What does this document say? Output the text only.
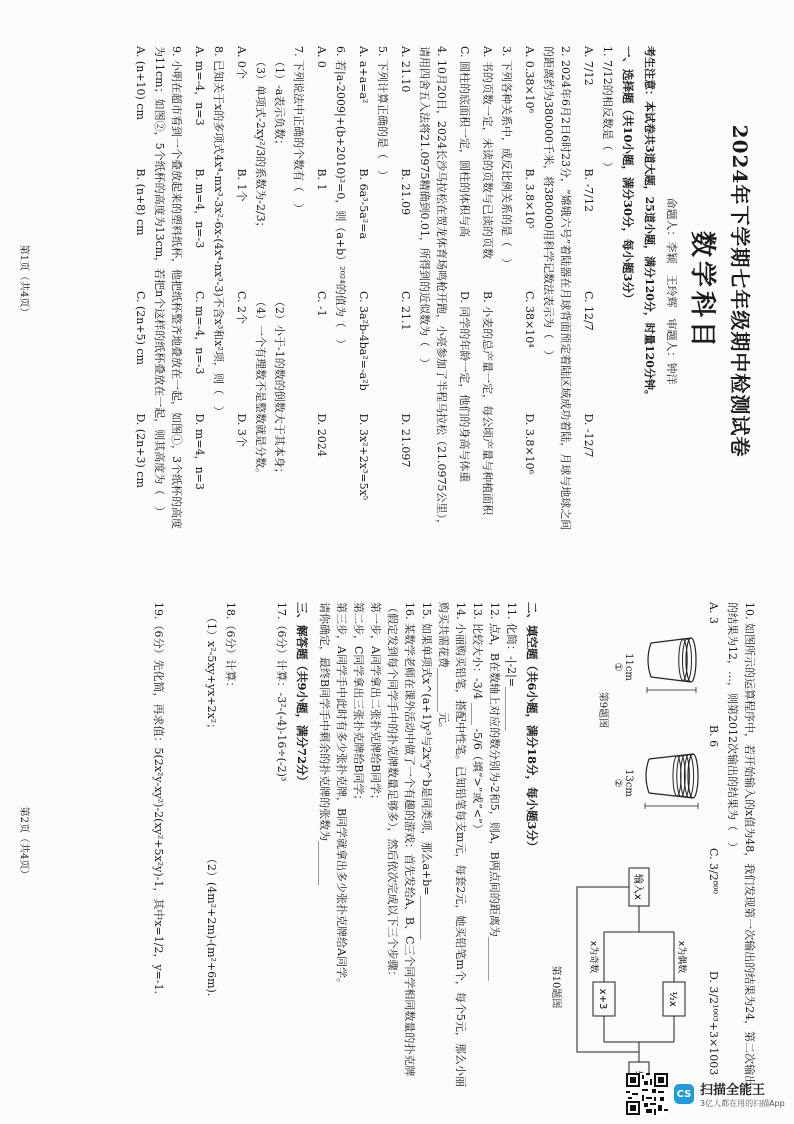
2024年下学期七年级期中检测试卷
数学科目
命题人：李颖　王玲辉　审题人：钟洋
考生注意：本试卷共3道大题，25道小题，满分120分，时量120分钟。
一、选择题（共10小题，满分30分，每小题3分）

1. 7/12的相反数是（　）

A. 7/12
B. -7/12
C. 12/7
D. -12/7

2. 2024年6月2日6时23分，“嫦娥六号”着陆器在月球背面预定着陆区域成功着陆，月球与地球之间的距离约为380000千米，将380000用科学记数法表示为（　）

A. 0.38×10⁶
B. 3.8×10⁵
C. 38×10⁴
D. 3.8×10⁶

3. 下列各种关系中，成反比例关系的是（　）

A. 书的页数一定，未读的页数与已读的页数
B. 小麦的总产量一定，每公顷产量与种植面积
C. 圆柱的底面积一定，圆柱的体积与高
D. 同学的年龄一定，他们的身高与体重

4. 10月20日，2024长沙马拉松在贺龙体育场鸣枪开跑，小亮参加了半程马拉松（21.0975公里），请用四舍五入法将21.0975精确到0.01，所得到的近似数为（　）

A. 21.10
B. 21.09
C. 21.1
D. 21.097

5. 下列计算正确的是（　）

A. a+a=a²
B. 6a³-5a²=a
C. 3a²b-4ba²=-a²b
D. 3x²+2x³=5x⁵

6. 若|a-2009|+(b+2010)²=0，则（a+b）²⁰²⁴的值为（　）

A. 0
B. 1
C. -1
D. 2024

7. 下列说法中正确的个数有（　）

（1）-a表示负数；
（2）小于-1的数的倒数大于其本身；
（3）单项式-2xy²/3的系数为-2/3；
（4）一个有理数不是整数就是分数。
A. 0个
B. 1个
C. 2个
D. 3个

8. 已知关于x的多项式4x⁴-mx³-3x²-6x-(4x⁴-nx³-3)不含x³和x²项，则（　）

A. m=-4，n=3
B. m=4，n=-3
C. m=-4，n=-3
D. m=4，n=3

9. 小明在超市看到一个叠放起来的塑料纸杯，他把纸杯整齐地叠放在一起，如图①，3个纸杯的高度为11cm；如图②，5个纸杯的高度为13cm，若把n个这样的纸杯叠放在一起，则其高度为（　）

A. (n+10) cm
B. (n+8) cm
C. (2n+5) cm
D. (2n+3) cm
第1页（共4页）

10. 如图所示的运算程序中，若开始输入的x值为48，我们发现第一次输出的结果为24，第二次输出的结果为12，…，则第2012次输出的结果为（　）

A. 3
B. 6
C. 3/2⁸⁰⁰
D. 3/2¹⁰⁰³+3×1003
11cm
①
13cm
②
第9题图
输入x
x为偶数
x为奇数
½x
x+3
第10题图
二、填空题（共6小题，满分18分，每小题3分）

11. 化简：-|-2|=________

12. 点A，B在数轴上对应的数分别为-2和5，则A，B两点间的距离为________

13. 比较大小：-3/4 ____ -5/6（填“>”或“<”）

14. 小丽购买铅笔，搭配中性笔。已知铅笔每支m元，每套2元，她买铅笔m个，每个5元，那么小丽购买共需花费________元。

15. 如果单项式x^(a+1)y³与2x⁵y^b是同类项，那么a+b=________

16. 某数学老师在课外活动中做了一个有趣的游戏：首先发给A、B、C三个同学相同数量的扑克牌（假定发到每个同学手中的扑克牌数量足够多），然后依次完成以下三个步骤：

第一步，A同学拿出二张扑克牌给B同学；

第二步，C同学拿出三张扑克牌给B同学；

第三步，A同学手中此时有多少张扑克牌，B同学就拿出多少张扑克牌给A同学。

请你确定，最终B同学手中剩余的扑克牌的张数为________

三、解答题（共9小题，满分72分）

17.（6分）计算：-3²-(-4)-16÷(-2)³

18.（6分）计算：

（1）x²-5xy+yx+2x²；
（2）(4m²+2m)-(m²+6m).

19.（6分）先化简，再求值：5(2x²y-xy²)-2(xy²+5x²y)-1，其中x=1/2，y=-1.

第2页（共4页）
CS 扫描全能王
3亿人都在用的扫描App
